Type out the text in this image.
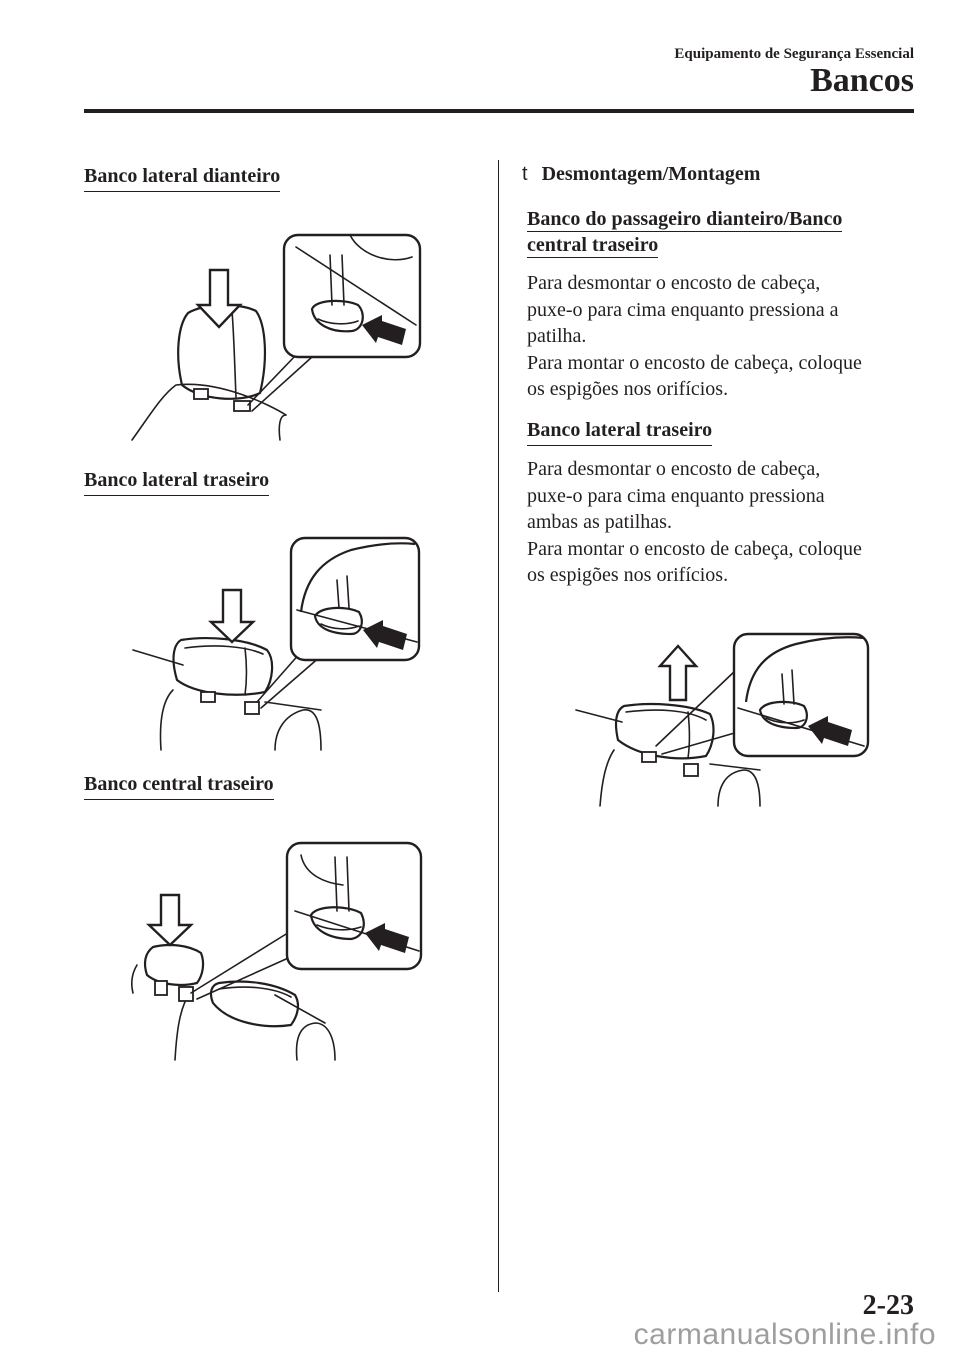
Equipamento de Segurança Essencial
Bancos
Banco lateral dianteiro
Banco lateral traseiro
Banco central traseiro
t Desmontagem/Montagem
Banco do passageiro dianteiro/Banco
central traseiro
Para desmontar o encosto de cabeça,
puxe-o para cima enquanto pressiona a
patilha.
Para montar o encosto de cabeça, coloque
os espigões nos orifícios.
Banco lateral traseiro
Para desmontar o encosto de cabeça,
puxe-o para cima enquanto pressiona
ambas as patilhas.
Para montar o encosto de cabeça, coloque
os espigões nos orifícios.
2-23
carmanualsonline.info
